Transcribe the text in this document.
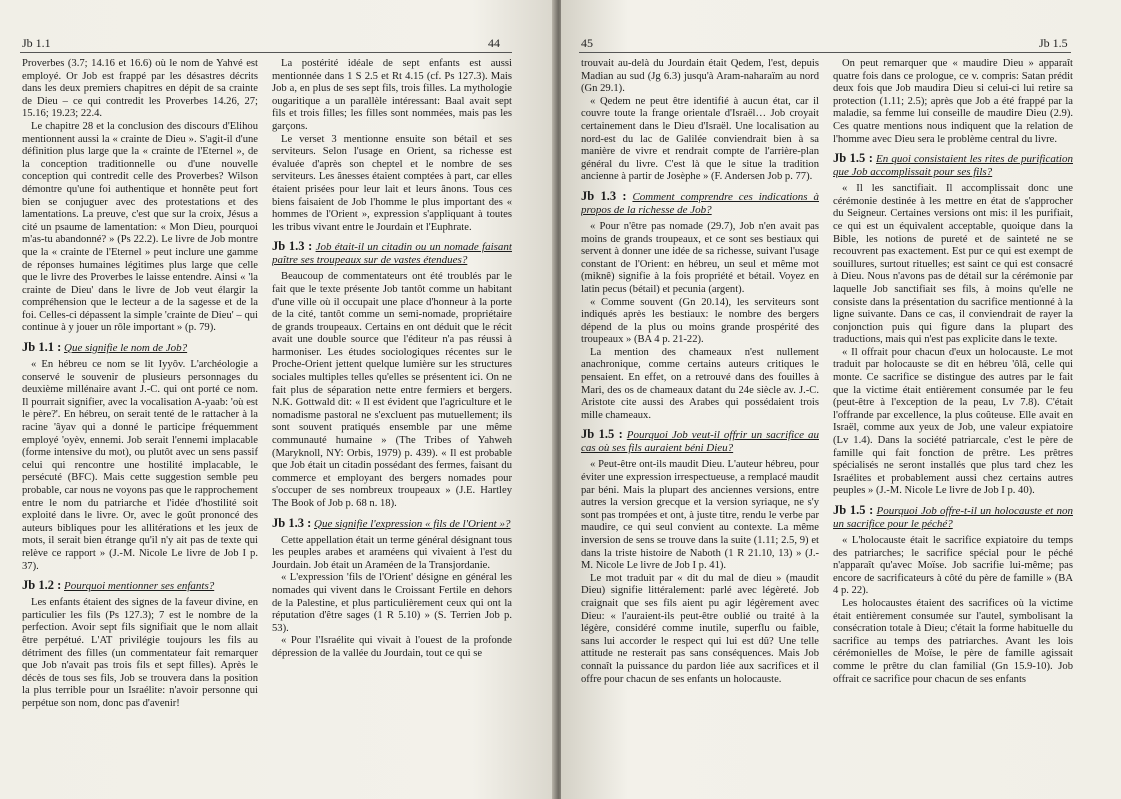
Jb 1.1	44

Proverbes (3.7; 14.16 et 16.6) où le nom de Yahvé est employé. Or Job est frappé par les désastres décrits dans les deux premiers chapitres en dépit de sa crainte de Dieu – ce qui contredit les Proverbes 14.26, 27; 15.16; 19.23; 22.4.

Le chapitre 28 et la conclusion des discours d'Elihou mentionnent aussi la « crainte de Dieu ». S'agit-il d'une définition plus large que la « crainte de l'Eternel », de la conception traditionnelle ou d'une nouvelle conception qui contredit celle des Proverbes? Wilson démontre qu'une foi authentique et honnête peut fort bien se conjuguer avec des protestations et des lamentations. La preuve, c'est que sur la croix, Jésus a cité un psaume de lamentation: « Mon Dieu, pourquoi m'as-tu abandonné? » (Ps 22.2). Le livre de Job montre que la « crainte de l'Eternel » peut inclure une gamme de réponses humaines légitimes plus large que celle que le livre des Proverbes le laisse entendre. Ainsi « 'la crainte de Dieu' dans le livre de Job veut élargir la compréhension que le lecteur a de la sagesse et de la foi. Celles-ci dépassent la simple 'crainte de Dieu' – qui continue à y jouer un rôle important » (p. 79).

Jb 1.1 : Que signifie le nom de Job?

« En hébreu ce nom se lit Iyyôv. L'archéologie a conservé le souvenir de plusieurs personnages du deuxième millénaire avant J.-C. qui ont porté ce nom. Il pourrait signifier, avec la vocalisation A-yaab: 'où est le père?'. En hébreu, on serait tenté de le rattacher à la racine 'âyav qui a donné le participe fréquemment employé 'oyèv, ennemi. Job serait l'ennemi implacable (forme intensive du mot), ou plutôt avec un sens passif celui qui rencontre une hostilité implacable, le persécuté (BFC). Mais cette suggestion semble peu probable, car nous ne voyons pas que le rapprochement entre le nom du patriarche et l'idée d'hostilité soit exploité dans le livre. Or, avec le goût prononcé des auteurs bibliques pour les allitérations et les jeux de mots, il serait bien étrange qu'il n'y ait pas de texte qui relève ce rapport » (J.-M. Nicole Le livre de Job I p. 37).

Jb 1.2 : Pourquoi mentionner ses enfants?

Les enfants étaient des signes de la faveur divine, en particulier les fils (Ps 127.3); 7 est le nombre de la perfection. Avoir sept fils signifiait que le nom allait être perpétué. L'AT privilégie toujours les fils au détriment des filles (un commentateur fait remarquer que Job n'avait pas trois fils et sept filles). Après le décès de tous ses fils, Job se trouvera dans la position la plus terrible pour un Israélite: n'avoir personne qui perpétue son nom, donc pas d'avenir!

La postérité idéale de sept enfants est aussi mentionnée dans 1 S 2.5 et Rt 4.15 (cf. Ps 127.3). Mais Job a, en plus de ses sept fils, trois filles. La mythologie ougaritique a un parallèle intéressant: Baal avait sept fils et trois filles; les filles sont nommées, mais pas les garçons.

Le verset 3 mentionne ensuite son bétail et ses serviteurs. Selon l'usage en Orient, sa richesse est évaluée d'après son cheptel et le nombre de ses serviteurs. Les ânesses étaient comptées à part, car elles étaient prisées pour leur lait et leurs ânons. Tous ces biens faisaient de Job l'homme le plus important des « hommes de l'Orient », expression s'appliquant à toutes les tribus vivant entre le Jourdain et l'Euphrate.

Jb 1.3 : Job était-il un citadin ou un nomade faisant paître ses troupeaux sur de vastes étendues?

Beaucoup de commentateurs ont été troublés par le fait que le texte présente Job tantôt comme un habitant d'une ville où il occupait une place d'honneur à la porte de la cité, tantôt comme un semi-nomade, propriétaire de grands troupeaux. Certains en ont déduit que le récit avait une double source que l'éditeur n'a pas réussi à harmoniser. Les études sociologiques récentes sur le Proche-Orient jettent quelque lumière sur les structures sociales multiples telles qu'elles se présentent ici. On ne fait plus de séparation nette entre fermiers et bergers. N.K. Gottwald dit: « Il est évident que l'agriculture et le nomadisme pastoral ne s'excluent pas mutuellement; ils sont souvent pratiqués ensemble par une même communauté humaine » (The Tribes of Yahweh (Maryknoll, NY: Orbis, 1979) p. 439). « Il est probable que Job était un citadin possédant des fermes, faisant du commerce et employant des bergers nomades pour s'occuper de ses nombreux troupeaux » (J.E. Hartley The Book of Job p. 68 n. 18).

Jb 1.3 : Que signifie l'expression « fils de l'Orient »?

Cette appellation était un terme général désignant tous les peuples arabes et araméens qui vivaient à l'est du Jourdain. Job était un Araméen de la Transjordanie.

« L'expression 'fils de l'Orient' désigne en général les nomades qui vivent dans le Croissant Fertile en dehors de la Palestine, et plus particulièrement ceux qui ont la réputation d'être sages (1 R 5.10) » (S. Terrien Job p. 53).

« Pour l'Israélite qui vivait à l'ouest de la profonde dépression de la vallée du Jourdain, tout ce qui se

45	Jb 1.5

trouvait au-delà du Jourdain était Qedem, l'est, depuis Madian au sud (Jg 6.3) jusqu'à Aram-naharaïm au nord (Gn 29.1).

« Qedem ne peut être identifié à aucun état, car il couvre toute la frange orientale d'Israël… Job croyait certainement dans le Dieu d'Israël. Une localisation au nord-est du lac de Galilée conviendrait bien à sa manière de vivre et rendrait compte de l'arrière-plan général du livre. C'est là que le situe la tradition ancienne à partir de Josèphe » (F. Andersen Job p. 77).

Jb 1.3 : Comment comprendre ces indications à propos de la richesse de Job?

« Pour n'être pas nomade (29.7), Job n'en avait pas moins de grands troupeaux, et ce sont ses bestiaux qui servent à donner une idée de sa richesse, suivant l'usage constant de l'Orient: en hébreu, un seul et même mot (miknê) signifie à la fois propriété et bétail. Voyez en latin pecus (bétail) et pecunia (argent).

« Comme souvent (Gn 20.14), les serviteurs sont indiqués après les bestiaux: le nombre des bergers dépend de la plus ou moins grande prospérité des troupeaux » (BA 4 p. 21-22).

La mention des chameaux n'est nullement anachronique, comme certains auteurs critiques le pensaient. En effet, on a retrouvé dans des fouilles à Mari, des os de chameaux datant du 24e siècle av. J.-C. Aristote cite aussi des Arabes qui possédaient trois mille chameaux.

Jb 1.5 : Pourquoi Job veut-il offrir un sacrifice au cas où ses fils auraient béni Dieu?

« Peut-être ont-ils maudit Dieu. L'auteur hébreu, pour éviter une expression irrespectueuse, a remplacé maudit par béni. Mais la plupart des anciennes versions, entre autres la version grecque et la version syriaque, ne s'y sont pas trompées et ont, à juste titre, rendu le verbe par maudire, ce qui seul convient au contexte. La même inversion de sens se trouve dans la suite (1.11; 2.5, 9) et dans la triste histoire de Naboth (1 R 21.10, 13) » (J.-M. Nicole Le livre de Job I p. 41).

Le mot traduit par « dit du mal de dieu » (maudit Dieu) signifie littéralement: parlé avec légèreté. Job craignait que ses fils aient pu agir légèrement avec Dieu: « l'auraient-ils peut-être oublié ou traité à la légère, considéré comme inutile, superflu ou faible, sans lui accorder le respect qui lui est dû? Une telle attitude ne resterait pas sans conséquences. Mais Job connaît la puissance du pardon liée aux sacrifices et il offre pour chacun de ses enfants un holocauste.

On peut remarquer que « maudire Dieu » apparaît quatre fois dans ce prologue, ce v. compris: Satan prédit deux fois que Job maudira Dieu si celui-ci lui retire sa protection (1.11; 2.5); après que Job a été frappé par la maladie, sa femme lui conseille de maudire Dieu (2.9). Ces quatre mentions nous indiquent que la relation de l'homme avec Dieu sera le problème central du livre.

Jb 1.5 : En quoi consistaient les rites de purification que Job accomplissait pour ses fils?

« Il les sanctifiait. Il accomplissait donc une cérémonie destinée à les mettre en état de s'approcher du Seigneur. Certaines versions ont mis: il les purifiait, ce qui est un équivalent acceptable, quoique dans la Bible, les notions de pureté et de sainteté ne se recouvrent pas exactement. Est pur ce qui est exempt de souillures, surtout rituelles; est saint ce qui est consacré à Dieu. Nous n'avons pas de détail sur la cérémonie par laquelle Job sanctifiait ses fils, à moins qu'elle ne consiste dans la présentation du sacrifice mentionné à la ligne suivante. Dans ce cas, il conviendrait de rayer la conjonction puis qui figure dans la plupart des traductions, mais qui n'est pas explicite dans le texte.

« Il offrait pour chacun d'eux un holocauste. Le mot traduit par holocauste se dit en hébreu 'ôlâ, celle qui monte. Ce sacrifice se distingue des autres par le fait que la victime était entièrement consumée par le feu (peut-être à l'exception de la peau, Lv 7.8). C'était l'offrande par excellence, la plus coûteuse. Elle avait en Israël, comme aux yeux de Job, une valeur expiatoire (Lv 1.4). Dans la société patriarcale, c'est le père de famille qui fait fonction de prêtre. Les prêtres spécialisés ne seront installés que plus tard chez les Israélites et probablement aussi chez certains autres peuples » (J.-M. Nicole Le livre de Job I p. 40).

Jb 1.5 : Pourquoi Job offre-t-il un holocauste et non un sacrifice pour le péché?

« L'holocauste était le sacrifice expiatoire du temps des patriarches; le sacrifice spécial pour le péché n'apparaît qu'avec Moïse. Job sacrifie lui-même; pas encore de sacrificateurs à côté du père de famille » (BA 4 p. 22).

Les holocaustes étaient des sacrifices où la victime était entièrement consumée sur l'autel, symbolisant la consécration totale à Dieu; c'était la forme habituelle du sacrifice au temps des patriarches. Avant les lois cérémonielles de Moïse, le père de famille agissait comme le prêtre du clan familial (Gn 15.9-10). Job offrait ce sacrifice pour chacun de ses enfants
